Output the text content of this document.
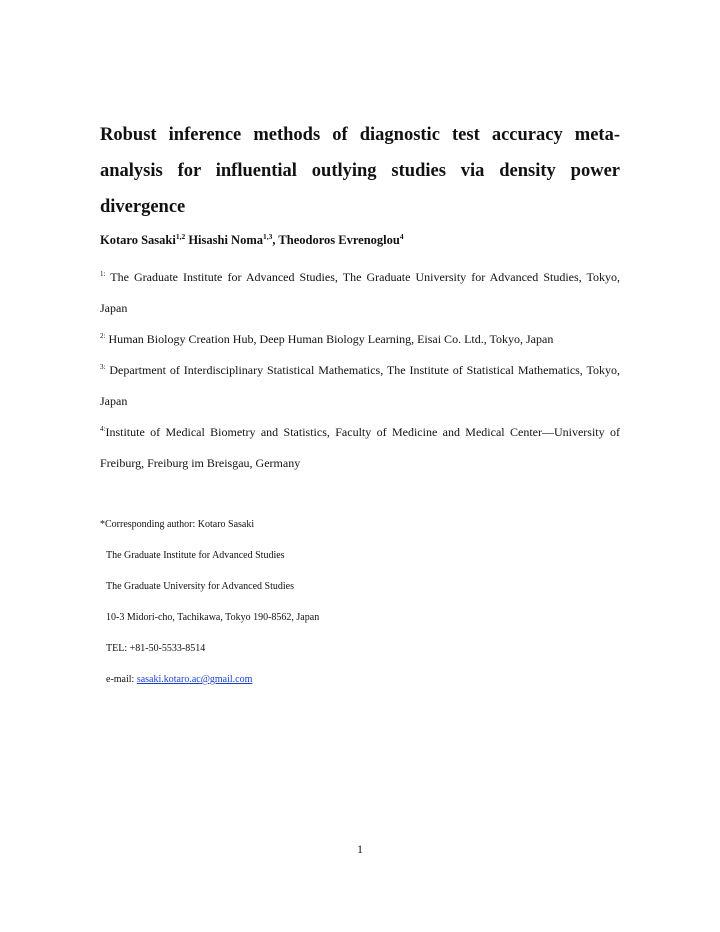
Robust inference methods of diagnostic test accuracy meta-analysis for influential outlying studies via density power divergence

Kotaro Sasaki$^{1,2}$ Hisashi Noma$^{1,3}$, Theodoros Evrenoglou$^4$

$^{1:}$ The Graduate Institute for Advanced Studies, The Graduate University for Advanced Studies, Tokyo, Japan

$^{2:}$ Human Biology Creation Hub, Deep Human Biology Learning, Eisai Co. Ltd., Tokyo, Japan

$^{3:}$ Department of Interdisciplinary Statistical Mathematics, The Institute of Statistical Mathematics, Tokyo, Japan

$^{4:}$Institute of Medical Biometry and Statistics, Faculty of Medicine and Medical Center—University of Freiburg, Freiburg im Breisgau, Germany

*Corresponding author: Kotaro Sasaki
The Graduate Institute for Advanced Studies
The Graduate University for Advanced Studies
10-3 Midori-cho, Tachikawa, Tokyo 190-8562, Japan
TEL: +81-50-5533-8514
e-mail: sasaki.kotaro.ac@gmail.com

1
